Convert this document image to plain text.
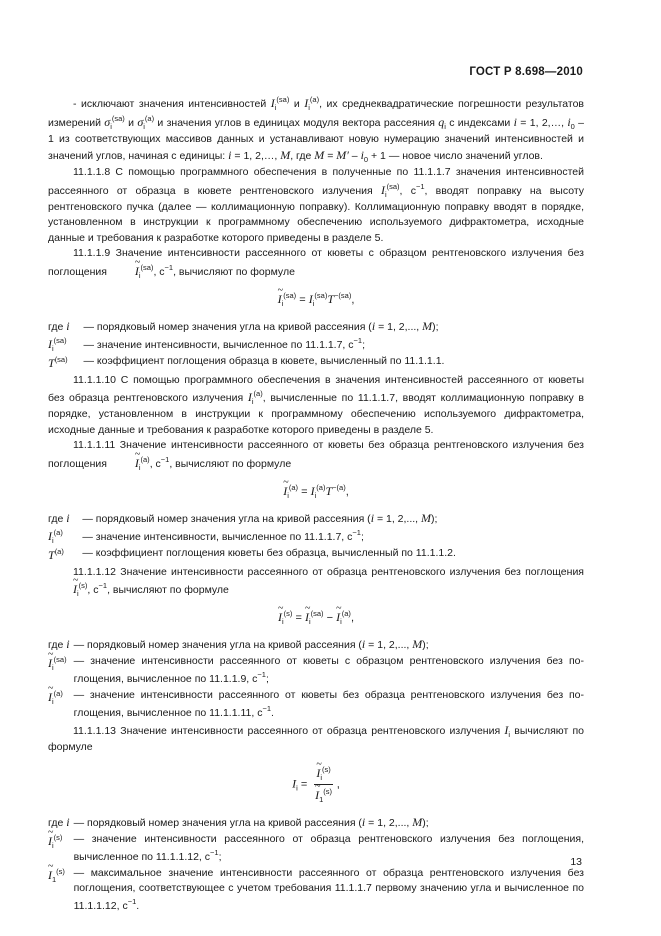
ГОСТ Р 8.698—2010

- исключают значения интенсивностей $I_i^{(sa)}$ и $I_i^{(a)}$, их среднеквадратические погрешности результатов измерений $\sigma_i^{(sa)}$ и $\sigma_i^{(a)}$ и значения углов в единицах модуля вектора рассеяния $q_i$ с индексами i = 1, 2,…, $i_0 - 1$ из соответствующих массивов данных и устанавливают новую нумерацию значений интенсивностей и значений углов, начиная с единицы: i = 1, 2,…, M, где $M = M' - i_0 + 1$ — новое число значений углов.

11.1.1.8 С помощью программного обеспечения в полученные по 11.1.1.7 значения интенсивностей рассеянного от образца в кювете рентгеновского излучения $I_i^{(sa)}$, $с^{-1}$, вводят поправку на высоту рентгеновского пучка (далее — коллимационную поправку). Коллимационную поправку вводят в порядке, установленном в инструкции к программному обеспечению используемого дифрактометра, исходные данные и требования к разработке которого приведены в разделе 5.

11.1.1.9 Значение интенсивности рассеянного от кюветы с образцом рентгеновского излучения без поглощения ~ $I_i^{(sa)}$, $с^{-1}$, вычисляют по формуле

~ $I_i^{(sa)} = I_i^{(sa)}T^{-(sa)}$,
где i	— порядковый номер значения угла на кривой рассеяния (i = 1, 2,..., M);
$I_i^{(sa)}$	— значение интенсивности, вычисленное по 11.1.1.7, $с^{-1}$;
$T^{(sa)}$	— коэффициент поглощения образца в кювете, вычисленный по 11.1.1.1.

11.1.1.10 С помощью программного обеспечения в значения интенсивностей рассеянного от кюветы без образца рентгеновского излучения $I_i^{(a)}$, вычисленные по 11.1.1.7, вводят коллимационную поправку в порядке, установленном в инструкции к программному обеспечению используемого дифрактометра, исходные данные и требования к разработке которого приведены в разделе 5.

11.1.1.11 Значение интенсивности рассеянного от кюветы без образца рентгеновского излучения без поглощения ~ $I_i^{(a)}$, $с^{-1}$, вычисляют по формуле

~ $I_i^{(a)} = I_i^{(a)}T^{-(a)}$,
где i	— порядковый номер значения угла на кривой рассеяния (i = 1, 2,..., M);
$I_i^{(a)}$	— значение интенсивности, вычисленное по 11.1.1.7, $с^{-1}$;
$T^{(a)}$	— коэффициент поглощения кюветы без образца, вычисленный по 11.1.1.2.

11.1.1.12 Значение интенсивности рассеянного от образца рентгеновского излучения без поглощения ~ $I_i^{(s)}$, $с^{-1}$, вычисляют по формуле

~ $I_i^{(s)}$ = ~ $I_i^{(sa)}$ − ~ $I_i^{(a)}$,
где i	— порядковый номер значения угла на кривой рассеяния (i = 1, 2,..., M);
~ $I_i^{(sa)}$	— значение интенсивности рассеянного от кюветы с образцом рентгеновского излучения без поглощения, вычисленное по 11.1.1.9, $с^{-1}$;
~ $I_i^{(a)}$	— значение интенсивности рассеянного от кюветы без образца рентгеновского излучения без поглощения, вычисленное по 11.1.1.11, $с^{-1}$.

11.1.1.13 Значение интенсивности рассеянного от образца рентгеновского излучения $I_i$ вычисляют по формуле

$I_i$ = ~ $I_i^{(s)}$
~ $I_1^{(s)}$ ,
где i	— порядковый номер значения угла на кривой рассеяния (i = 1, 2,..., M);
~ $I_i^{(s)}$	— значение интенсивности рассеянного от образца рентгеновского излучения без поглощения, вычисленное по 11.1.1.12, $с^{-1}$;
~ $I_1^{(s)}$	— максимальное значение интенсивности рассеянного от образца рентгеновского излучения без поглощения, соответствующее с учетом требования 11.1.1.7 первому значению угла и вычисленное по 11.1.1.12, $с^{-1}$.
13
